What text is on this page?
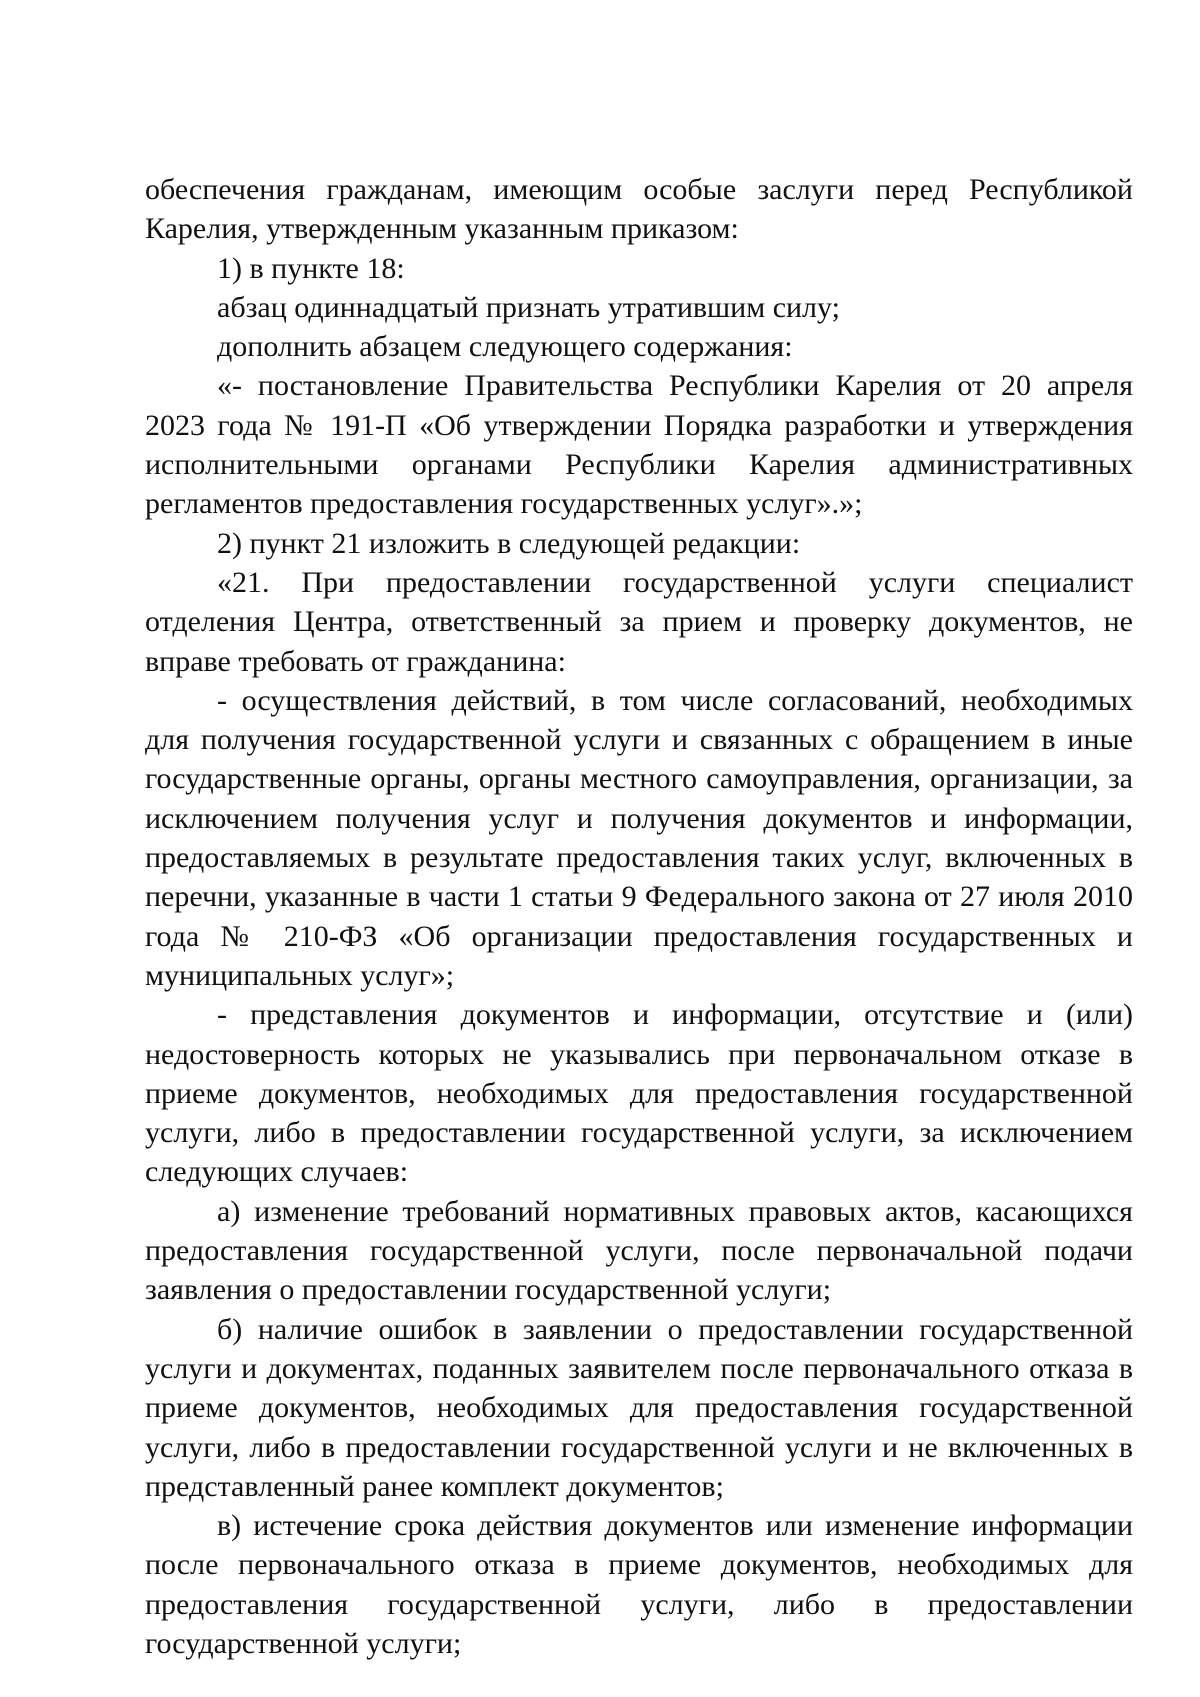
обеспечения гражданам, имеющим особые заслуги перед Республикой Карелия, утвержденным указанным приказом:

1) в пункте 18:

абзац одиннадцатый признать утратившим силу;

дополнить абзацем следующего содержания:

«- постановление Правительства Республики Карелия от 20 апреля 2023 года № 191-П «Об утверждении Порядка разработки и утверждения исполнительными органами Республики Карелия административных регламентов предоставления государственных услуг».»;

2) пункт 21 изложить в следующей редакции:

«21. При предоставлении государственной услуги специалист отделения Центра, ответственный за прием и проверку документов, не вправе требовать от гражданина:

- осуществления действий, в том числе согласований, необходимых для получения государственной услуги и связанных с обращением в иные государственные органы, органы местного самоуправления, организации, за исключением получения услуг и получения документов и информации, предоставляемых в результате предоставления таких услуг, включенных в перечни, указанные в части 1 статьи 9 Федерального закона от 27 июля 2010 года № 210-ФЗ «Об организации предоставления государственных и муниципальных услуг»;

- представления документов и информации, отсутствие и (или) недостоверность которых не указывались при первоначальном отказе в приеме документов, необходимых для предоставления государственной услуги, либо в предоставлении государственной услуги, за исключением следующих случаев:

а) изменение требований нормативных правовых актов, касающихся предоставления государственной услуги, после первоначальной подачи заявления о предоставлении государственной услуги;

б) наличие ошибок в заявлении о предоставлении государственной услуги и документах, поданных заявителем после первоначального отказа в приеме документов, необходимых для предоставления государственной услуги, либо в предоставлении государственной услуги и не включенных в представленный ранее комплект документов;

в) истечение срока действия документов или изменение информации после первоначального отказа в приеме документов, необходимых для предоставления государственной услуги, либо в предоставлении государственной услуги;
